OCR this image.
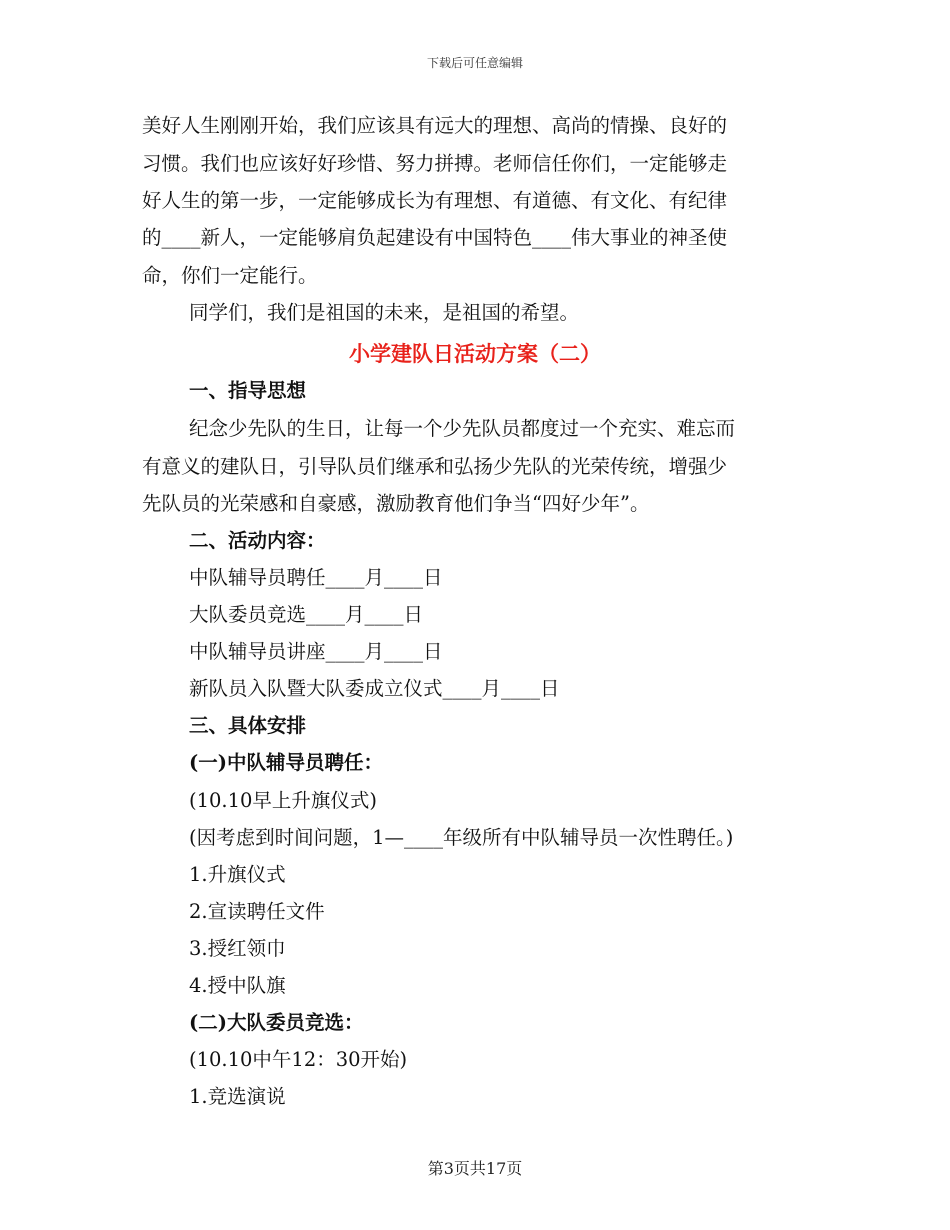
下载后可任意编辑
美好人生刚刚开始，我们应该具有远大的理想、高尚的情操、良好的
习惯。我们也应该好好珍惜、努力拼搏。老师信任你们，一定能够走
好人生的第一步，一定能够成长为有理想、有道德、有文化、有纪律
的____新人，一定能够肩负起建设有中国特色____伟大事业的神圣使
命，你们一定能行。
同学们，我们是祖国的未来，是祖国的希望。
小学建队日活动方案（二）
一、指导思想
纪念少先队的生日，让每一个少先队员都度过一个充实、难忘而
有意义的建队日，引导队员们继承和弘扬少先队的光荣传统，增强少
先队员的光荣感和自豪感，激励教育他们争当“四好少年”。
二、活动内容：
中队辅导员聘任____月____日
大队委员竞选____月____日
中队辅导员讲座____月____日
新队员入队暨大队委成立仪式____月____日
三、具体安排
(一)中队辅导员聘任：
(10.10早上升旗仪式)
(因考虑到时间问题，1—____年级所有中队辅导员一次性聘任。)
1.升旗仪式
2.宣读聘任文件
3.授红领巾
4.授中队旗
(二)大队委员竞选：
(10.10中午12：30开始)
1.竞选演说
第3页共17页
